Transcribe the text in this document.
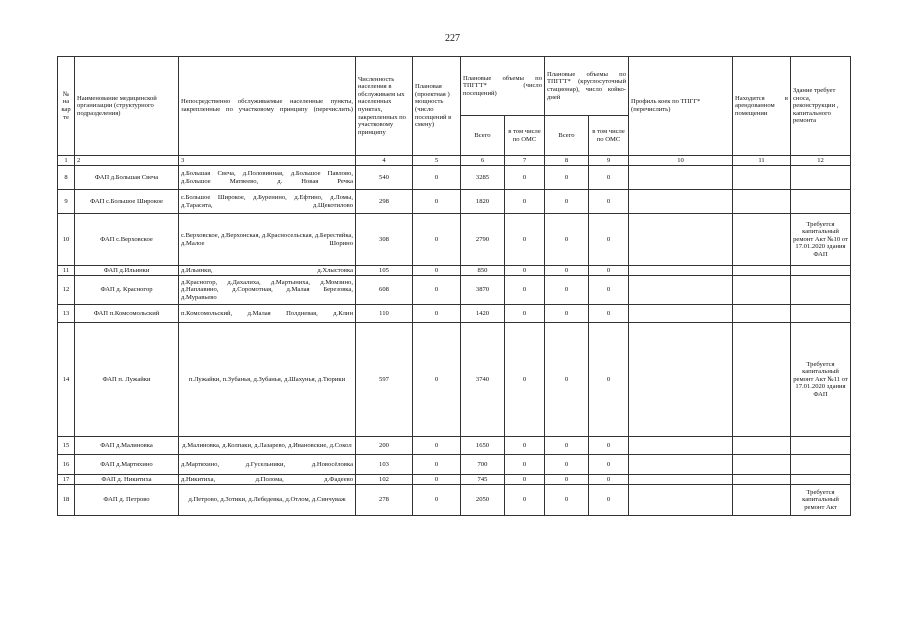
227
№ на кар те	Наименование медицинской организации (структурного подразделения)	Непосредственно обслуживаемые населенные пункты, закрепленные по участковому принципу (перечислить)	Численность населения в обслуживаем ых населенных пунктах, закрепленных по участковому принципу	Плановая (проектная ) мощность (число посещений в смену)	Плановые объемы по ТПГГТ* (число посещений)		Плановые объемы по ТПГГТ* (круглосуточный стационар), число койко-дней		Профиль коек по ТПГГ* (перечислить)	Находится в арендованном помещении	Здание требует сноса, реконструкции , капитального ремонта
					Всего	в том числе по ОМС	Всего	в том числе по ОМС			
1	2	3	4	5	6	7	8	9	10	11	12
8	ФАП д.Большая Свеча	д.Большая Свеча, д.Половинная, д.Большое Павлово, д.Большое Матвеево, д. Новая Речка	540	0	3285	0	0	0			
9	ФАП с.Большое Широкое	с.Большое Широкое, д.Буренино, д.Ефтино, д.Ломы, д.Тарасята, д.Щекотилово	298	0	1820	0	0	0			
10	ФАП с.Верховское	с.Верховское, д.Верхонская, д.Красносельская, д.Берестяйка, д.Малое Шорино	308	0	2790	0	0	0			Требуется капитальный ремонт Акт №10 от 17.01.2020 здания ФАП
11	ФАП д.Ильинки	д.Ильинки, д.Хлыстовка	105	0	850	0	0	0			
12	ФАП д. Красногор	д.Красногор, д.Дахалиха, д.Мартыниха, д.Момзино, д.Наплавино, д.Соромотная, д.Малая Березовка, д.Муравьево	608	0	3870	0	0	0			
13	ФАП п.Комсомольский	п.Комсомольский, д.Малая Полдневая, д.Клин	110	0	1420	0	0	0			
14	ФАП п. Лужайки	п.Лужайки, п.Зубанья, д.Зубанья, д.Шахунья, д.Тюрики	597	0	3740	0	0	0			Требуется капитальный ремонт Акт №11 от 17.01.2020 здания ФАП
15	ФАП д.Малиновка	д.Малиновка, д.Колпаки, д.Лазарево, д.Ивановские, д.Сокол	200	0	1650	0	0	0			
16	ФАП д.Мартяхино	д.Мартяхино, д.Гусельники, д.Новосёловка	103	0	700	0	0	0			
17	ФАП д. Никитиха	д.Никитиха, д.Полома, д.Фадеево	102	0	745	0	0	0			
18	ФАП д. Петрово	д.Петрово, д.Зотики, д.Лебедевка, д.Отлом, д.Синчуваж	278	0	2050	0	0	0			Требуется капитальный ремонт Акт
